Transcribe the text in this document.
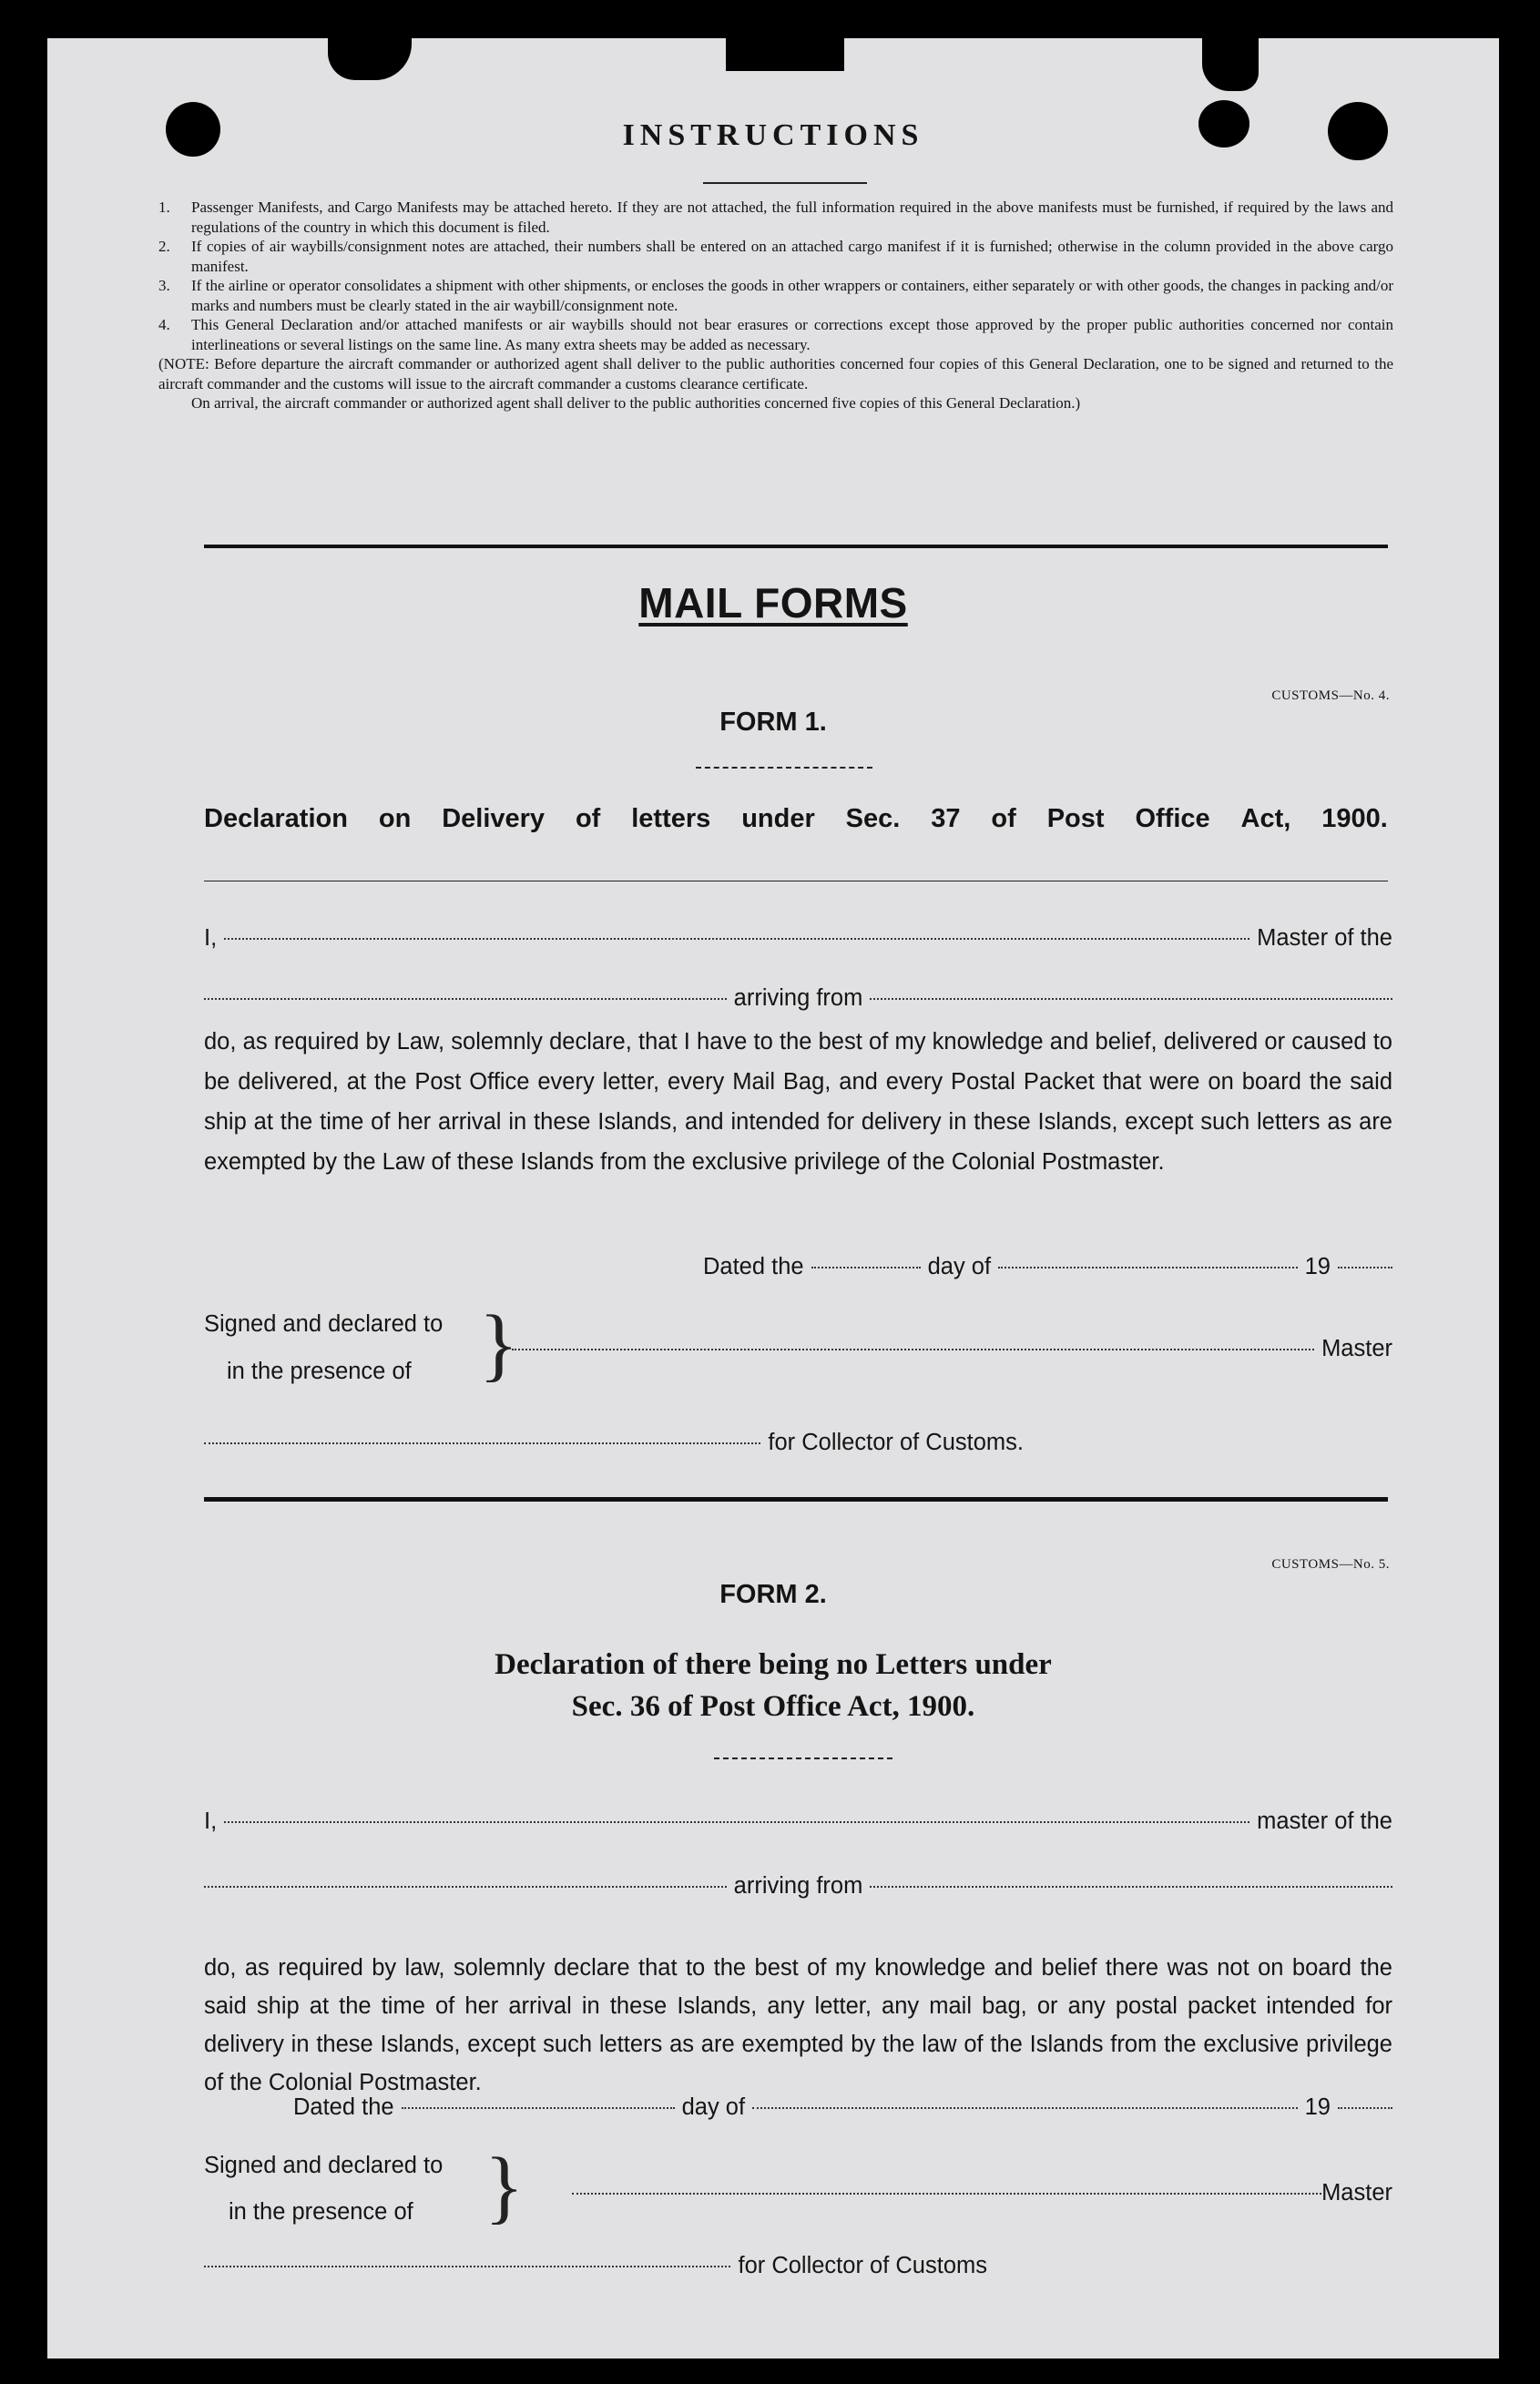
INSTRUCTIONS

1. Passenger Manifests, and Cargo Manifests may be attached hereto. If they are not attached, the full information required in the above manifests must be furnished, if required by the laws and regulations of the country in which this document is filed.

2. If copies of air waybills/consignment notes are attached, their numbers shall be entered on an attached cargo manifest if it is furnished; otherwise in the column provided in the above cargo manifest.

3. If the airline or operator consolidates a shipment with other shipments, or encloses the goods in other wrappers or containers, either separately or with other goods, the changes in packing and/or marks and numbers must be clearly stated in the air waybill/consignment note.

4. This General Declaration and/or attached manifests or air waybills should not bear erasures or corrections except those approved by the proper public authorities concerned nor contain interlineations or several listings on the same line. As many extra sheets may be added as necessary.

(NOTE: Before departure the aircraft commander or authorized agent shall deliver to the public authorities concerned four copies of this General Declaration, one to be signed and returned to the aircraft commander and the customs will issue to the aircraft commander a customs clearance certificate.

On arrival, the aircraft commander or authorized agent shall deliver to the public authorities concerned five copies of this General Declaration.)

MAIL FORMS
CUSTOMS—No. 4.
FORM 1.
Declaration on Delivery of letters under Sec. 37 of Post Office Act, 1900.
I,	Master of the
arriving from
do, as required by Law, solemnly declare, that I have to the best of my knowledge and belief, delivered or caused to be delivered, at the Post Office every letter, every Mail Bag, and every Postal Packet that were on board the said ship at the time of her arrival in these Islands, and intended for delivery in these Islands, except such letters as are exempted by the Law of these Islands from the exclusive privilege of the Colonial Postmaster.
Dated the	day of	19
Signed and declared to
in the presence of }	Master
for Collector of Customs.
CUSTOMS—No. 5.
FORM 2.
Declaration of there being no Letters under
Sec. 36 of Post Office Act, 1900.
I,	master of the
arriving from
do, as required by law, solemnly declare that to the best of my knowledge and belief there was not on board the said ship at the time of her arrival in these Islands, any letter, any mail bag, or any postal packet intended for delivery in these Islands, except such letters as are exempted by the law of the Islands from the exclusive privilege of the Colonial Postmaster.
Dated the	day of	19
Signed and declared to
in the presence of }	Master
for Collector of Customs
